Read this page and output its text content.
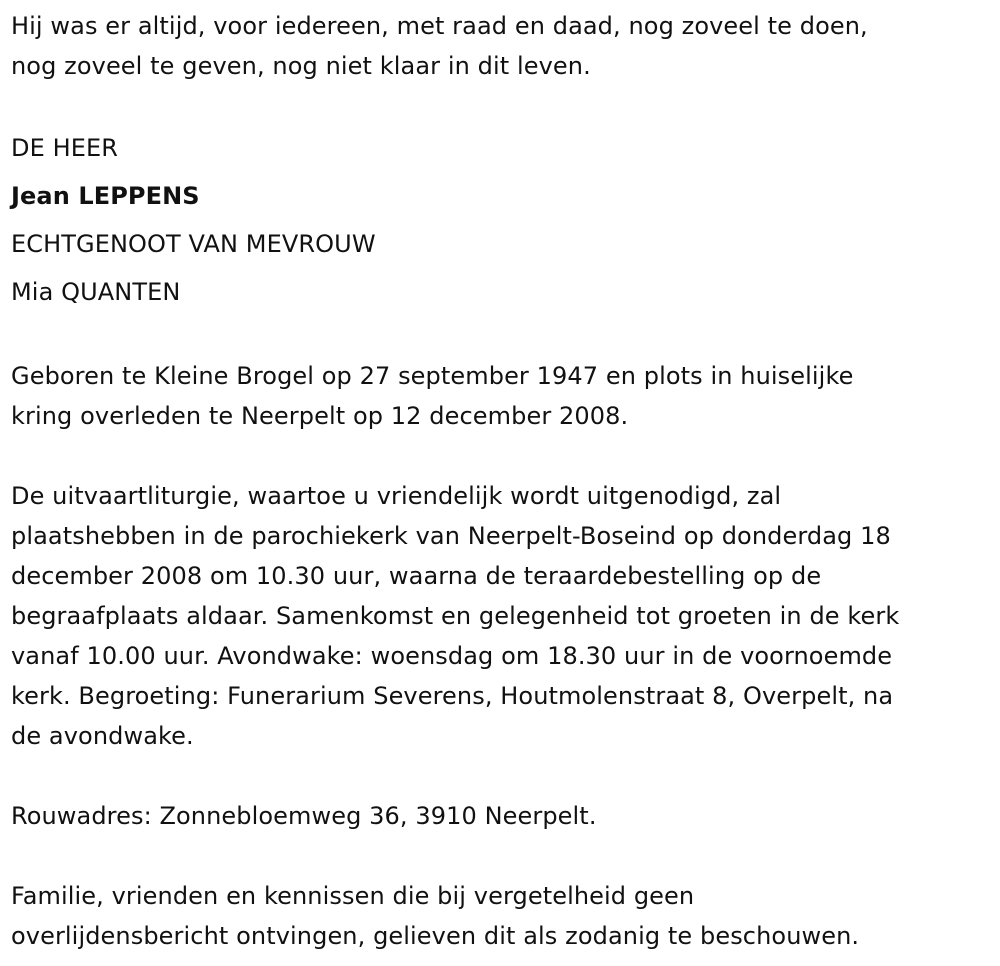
Hij was er altijd, voor iedereen, met raad en daad, nog zoveel te doen,
nog zoveel te geven, nog niet klaar in dit leven.

DE HEER
Jean LEPPENS
ECHTGENOOT VAN MEVROUW
Mia QUANTEN

Geboren te Kleine Brogel op 27 september 1947 en plots in huiselijke
kring overleden te Neerpelt op 12 december 2008.

De uitvaartliturgie, waartoe u vriendelijk wordt uitgenodigd, zal
plaatshebben in de parochiekerk van Neerpelt-Boseind op donderdag 18
december 2008 om 10.30 uur, waarna de teraardebestelling op de
begraafplaats aldaar. Samenkomst en gelegenheid tot groeten in de kerk
vanaf 10.00 uur. Avondwake: woensdag om 18.30 uur in de voornoemde
kerk. Begroeting: Funerarium Severens, Houtmolenstraat 8, Overpelt, na
de avondwake.

Rouwadres: Zonnebloemweg 36, 3910 Neerpelt.

Familie, vrienden en kennissen die bij vergetelheid geen
overlijdensbericht ontvingen, gelieven dit als zodanig te beschouwen.
